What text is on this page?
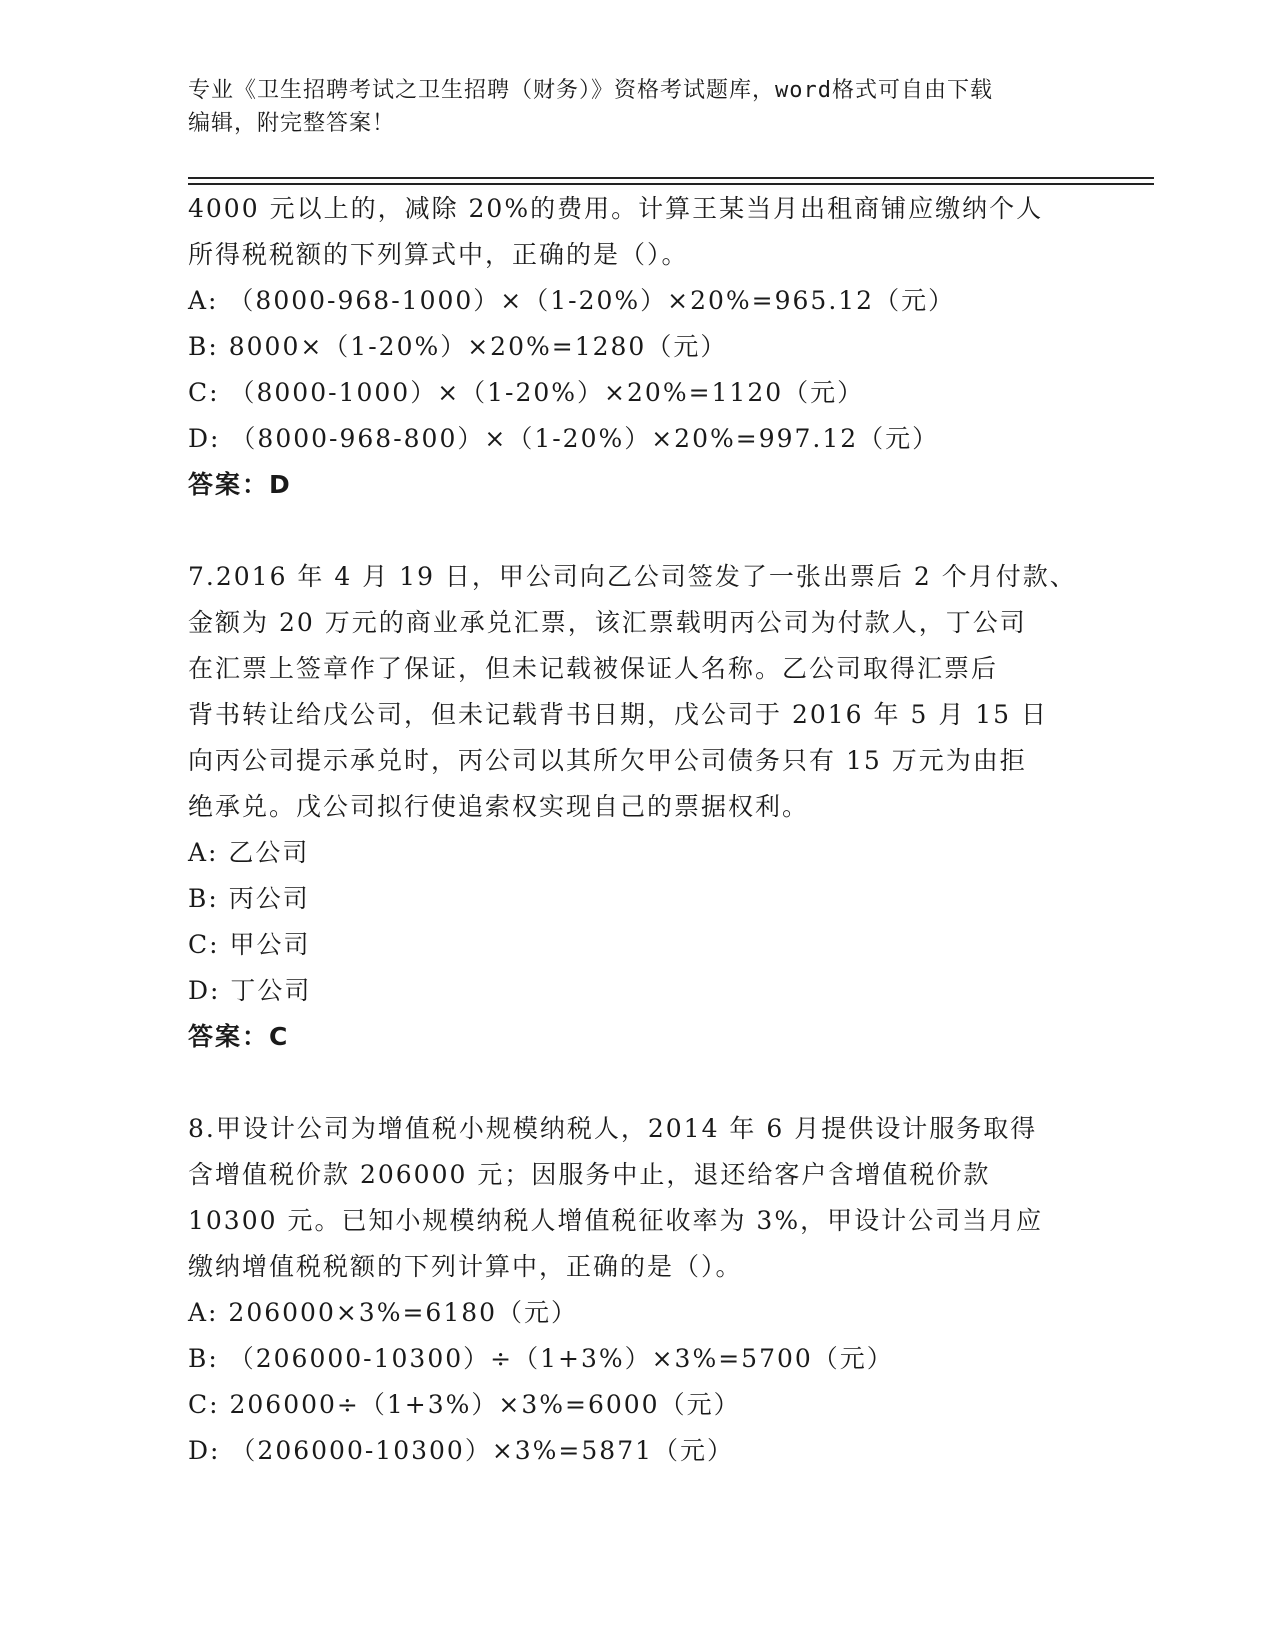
专业《卫生招聘考试之卫生招聘（财务）》资格考试题库，word格式可自由下载
编辑，附完整答案！
4000 元以上的，减除 20%的费用。计算王某当月出租商铺应缴纳个人
所得税税额的下列算式中，正确的是（）。
A: （8000-968-1000）×（1-20%）×20%=965.12（元）
B: 8000×（1-20%）×20%=1280（元）
C: （8000-1000）×（1-20%）×20%=1120（元）
D: （8000-968-800）×（1-20%）×20%=997.12（元）
答案：D
7.2016 年 4 月 19 日，甲公司向乙公司签发了一张出票后 2 个月付款、
金额为 20 万元的商业承兑汇票，该汇票载明丙公司为付款人，丁公司
在汇票上签章作了保证，但未记载被保证人名称。乙公司取得汇票后
背书转让给戊公司，但未记载背书日期，戊公司于 2016 年 5 月 15 日
向丙公司提示承兑时，丙公司以其所欠甲公司债务只有 15 万元为由拒
绝承兑。戊公司拟行使追索权实现自己的票据权利。
A: 乙公司
B: 丙公司
C: 甲公司
D: 丁公司
答案：C
8.甲设计公司为增值税小规模纳税人，2014 年 6 月提供设计服务取得
含增值税价款 206000 元；因服务中止，退还给客户含增值税价款
10300 元。已知小规模纳税人增值税征收率为 3%，甲设计公司当月应
缴纳增值税税额的下列计算中，正确的是（）。
A: 206000×3%=6180（元）
B: （206000-10300）÷（1+3%）×3%=5700（元）
C: 206000÷（1+3%）×3%=6000（元）
D: （206000-10300）×3%=5871（元）
